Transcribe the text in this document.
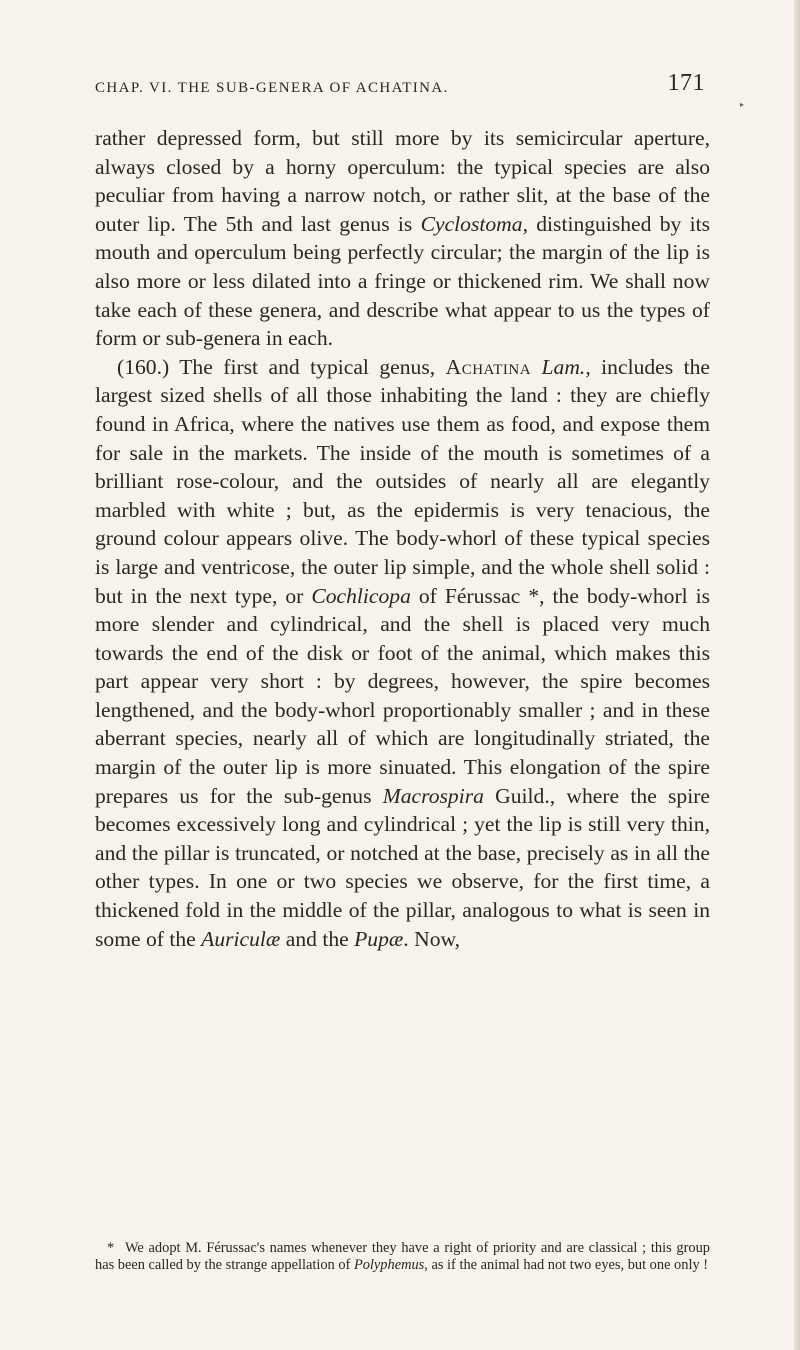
CHAP. VI. THE SUB-GENERA OF ACHATINA.	171
▸

rather depressed form, but still more by its semicircular aperture, always closed by a horny operculum: the typical species are also peculiar from having a narrow notch, or rather slit, at the base of the outer lip. The 5th and last genus is Cyclostoma, distinguished by its mouth and operculum being perfectly circular; the margin of the lip is also more or less dilated into a fringe or thickened rim. We shall now take each of these genera, and describe what appear to us the types of form or sub-genera in each.

(160.) The first and typical genus, Achatina Lam., includes the largest sized shells of all those inhabiting the land : they are chiefly found in Africa, where the natives use them as food, and expose them for sale in the markets. The inside of the mouth is sometimes of a brilliant rose-colour, and the outsides of nearly all are elegantly marbled with white ; but, as the epidermis is very tenacious, the ground colour appears olive. The body-whorl of these typical species is large and ventricose, the outer lip simple, and the whole shell solid : but in the next type, or Cochlicopa of Férussac *, the body-whorl is more slender and cylindrical, and the shell is placed very much towards the end of the disk or foot of the animal, which makes this part appear very short : by degrees, however, the spire becomes lengthened, and the body-whorl proportionably smaller ; and in these aberrant species, nearly all of which are longitudinally striated, the margin of the outer lip is more sinuated. This elongation of the spire prepares us for the sub-genus Macrospira Guild., where the spire becomes excessively long and cylindrical ; yet the lip is still very thin, and the pillar is truncated, or notched at the base, precisely as in all the other types. In one or two species we observe, for the first time, a thickened fold in the middle of the pillar, analogous to what is seen in some of the Auriculæ and the Pupæ. Now,

* We adopt M. Férussac's names whenever they have a right of priority and are classical ; this group has been called by the strange appellation of Polyphemus, as if the animal had not two eyes, but one only !
